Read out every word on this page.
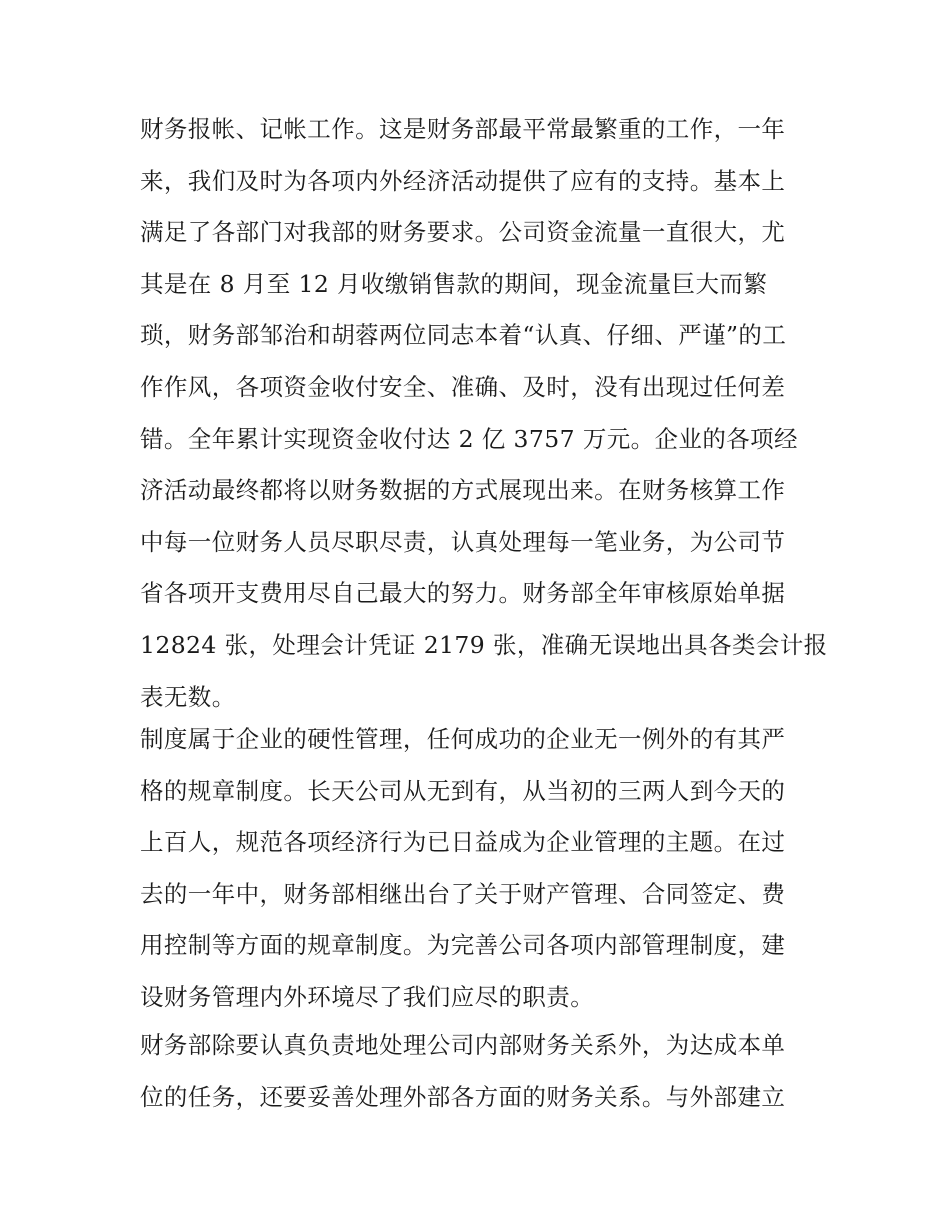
财务报帐、记帐工作。这是财务部最平常最繁重的工作，一年
来，我们及时为各项内外经济活动提供了应有的支持。基本上
满足了各部门对我部的财务要求。公司资金流量一直很大，尤
其是在 8 月至 12 月收缴销售款的期间，现金流量巨大而繁
琐，财务部邹治和胡蓉两位同志本着“认真、仔细、严谨”的工
作作风，各项资金收付安全、准确、及时，没有出现过任何差
错。全年累计实现资金收付达 2 亿 3757 万元。企业的各项经
济活动最终都将以财务数据的方式展现出来。在财务核算工作
中每一位财务人员尽职尽责，认真处理每一笔业务，为公司节
省各项开支费用尽自己最大的努力。财务部全年审核原始单据
12824 张，处理会计凭证 2179 张，准确无误地出具各类会计报
表无数。
制度属于企业的硬性管理，任何成功的企业无一例外的有其严
格的规章制度。长天公司从无到有，从当初的三两人到今天的
上百人，规范各项经济行为已日益成为企业管理的主题。在过
去的一年中，财务部相继出台了关于财产管理、合同签定、费
用控制等方面的规章制度。为完善公司各项内部管理制度，建
设财务管理内外环境尽了我们应尽的职责。
财务部除要认真负责地处理公司内部财务关系外，为达成本单
位的任务，还要妥善处理外部各方面的财务关系。与外部建立
